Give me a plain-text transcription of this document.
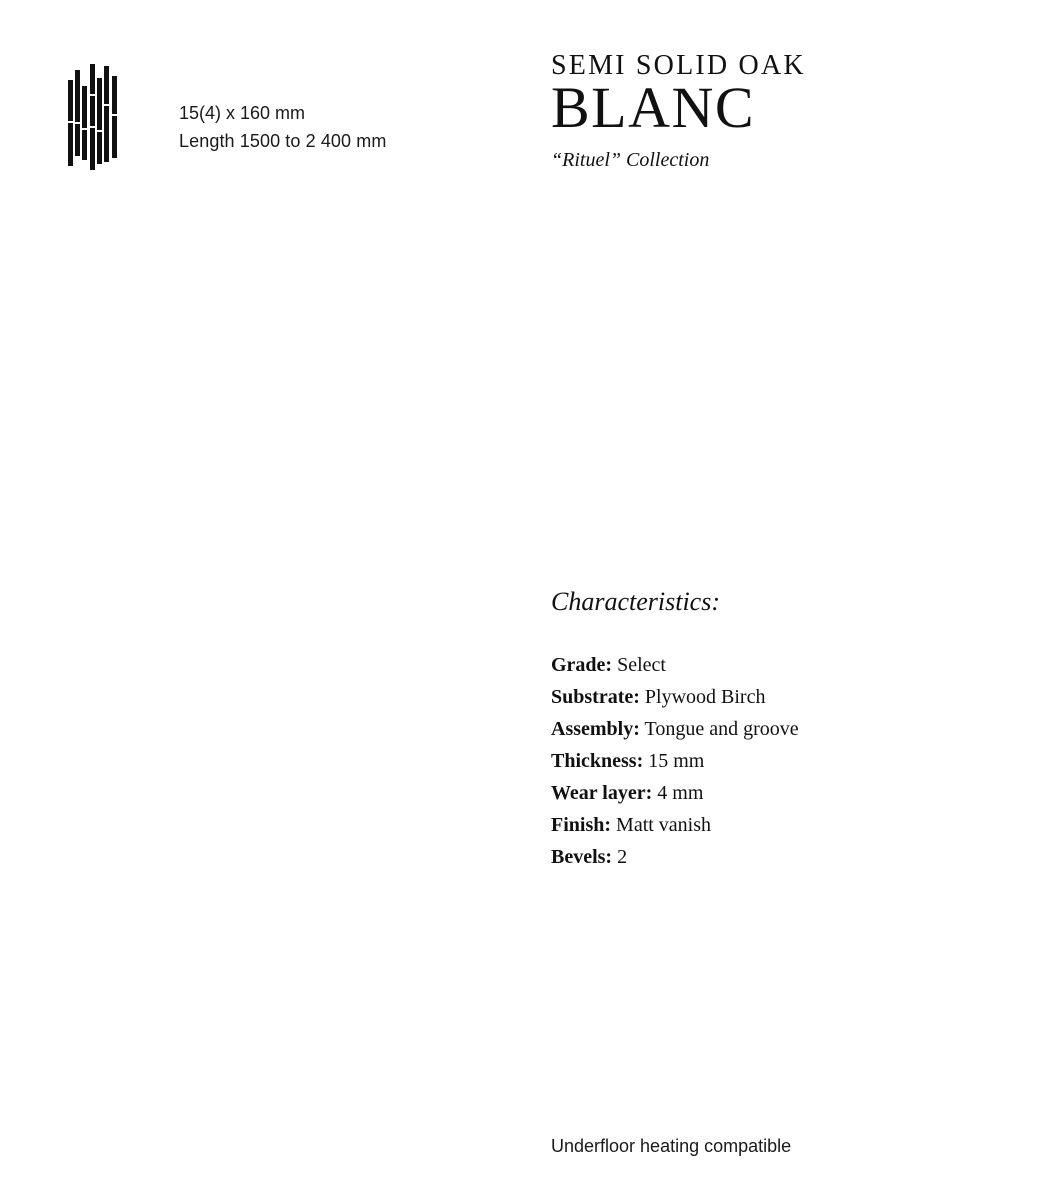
15(4) x 160 mm
Length 1500 to 2 400 mm
SEMI SOLID OAK
BLANC
“Rituel” Collection
Characteristics:
Grade: Select
Substrate: Plywood Birch
Assembly: Tongue and groove
Thickness: 15 mm
Wear layer: 4 mm
Finish: Matt vanish
Bevels: 2
Underfloor heating compatible
